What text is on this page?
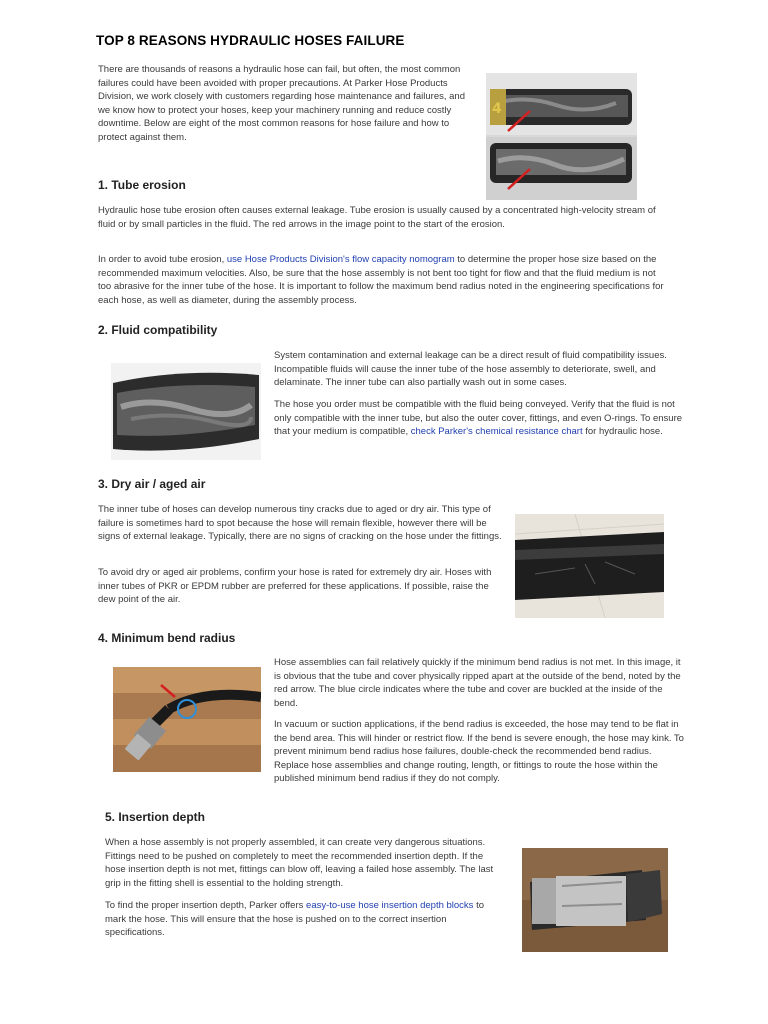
TOP 8 REASONS HYDRAULIC HOSES FAILURE
There are thousands of reasons a hydraulic hose can fail, but often, the most common failures could have been avoided with proper precautions. At Parker Hose Products Division, we work closely with customers regarding hose maintenance and failures, and we know how to protect your hoses, keep your machinery running and reduce costly downtime. Below are eight of the most common reasons for hose failure and how to protect against them.
4
1. Tube erosion
Hydraulic hose tube erosion often causes external leakage. Tube erosion is usually caused by a concentrated high-velocity stream of fluid or by small particles in the fluid. The red arrows in the image point to the start of the erosion.
In order to avoid tube erosion, use Hose Products Division's flow capacity nomogram to determine the proper hose size based on the recommended maximum velocities. Also, be sure that the hose assembly is not bent too tight for flow and that the fluid medium is not too abrasive for the inner tube of the hose. It is important to follow the maximum bend radius noted in the engineering specifications for each hose, as well as diameter, during the assembly process.
2. Fluid compatibility
System contamination and external leakage can be a direct result of fluid compatibility issues. Incompatible fluids will cause the inner tube of the hose assembly to deteriorate, swell, and delaminate. The inner tube can also partially wash out in some cases.
The hose you order must be compatible with the fluid being conveyed. Verify that the fluid is not only compatible with the inner tube, but also the outer cover, fittings, and even O-rings. To ensure that your medium is compatible, check Parker's chemical resistance chart for hydraulic hose.
3. Dry air / aged air
The inner tube of hoses can develop numerous tiny cracks due to aged or dry air. This type of failure is sometimes hard to spot because the hose will remain flexible, however there will be signs of external leakage. Typically, there are no signs of cracking on the hose under the fittings.
To avoid dry or aged air problems, confirm your hose is rated for extremely dry air. Hoses with inner tubes of PKR or EPDM rubber are preferred for these applications. If possible, raise the dew point of the air.
4. Minimum bend radius
Hose assemblies can fail relatively quickly if the minimum bend radius is not met. In this image, it is obvious that the tube and cover physically ripped apart at the outside of the bend, noted by the red arrow. The blue circle indicates where the tube and cover are buckled at the inside of the bend.
In vacuum or suction applications, if the bend radius is exceeded, the hose may tend to be flat in the bend area. This will hinder or restrict flow. If the bend is severe enough, the hose may kink. To prevent minimum bend radius hose failures, double-check the recommended bend radius. Replace hose assemblies and change routing, length, or fittings to route the hose within the published minimum bend radius if they do not comply.
5. Insertion depth
When a hose assembly is not properly assembled, it can create very dangerous situations. Fittings need to be pushed on completely to meet the recommended insertion depth. If the hose insertion depth is not met, fittings can blow off, leaving a failed hose assembly. The last grip in the fitting shell is essential to the holding strength.
To find the proper insertion depth, Parker offers easy-to-use hose insertion depth blocks to mark the hose. This will ensure that the hose is pushed on to the correct insertion specifications.
